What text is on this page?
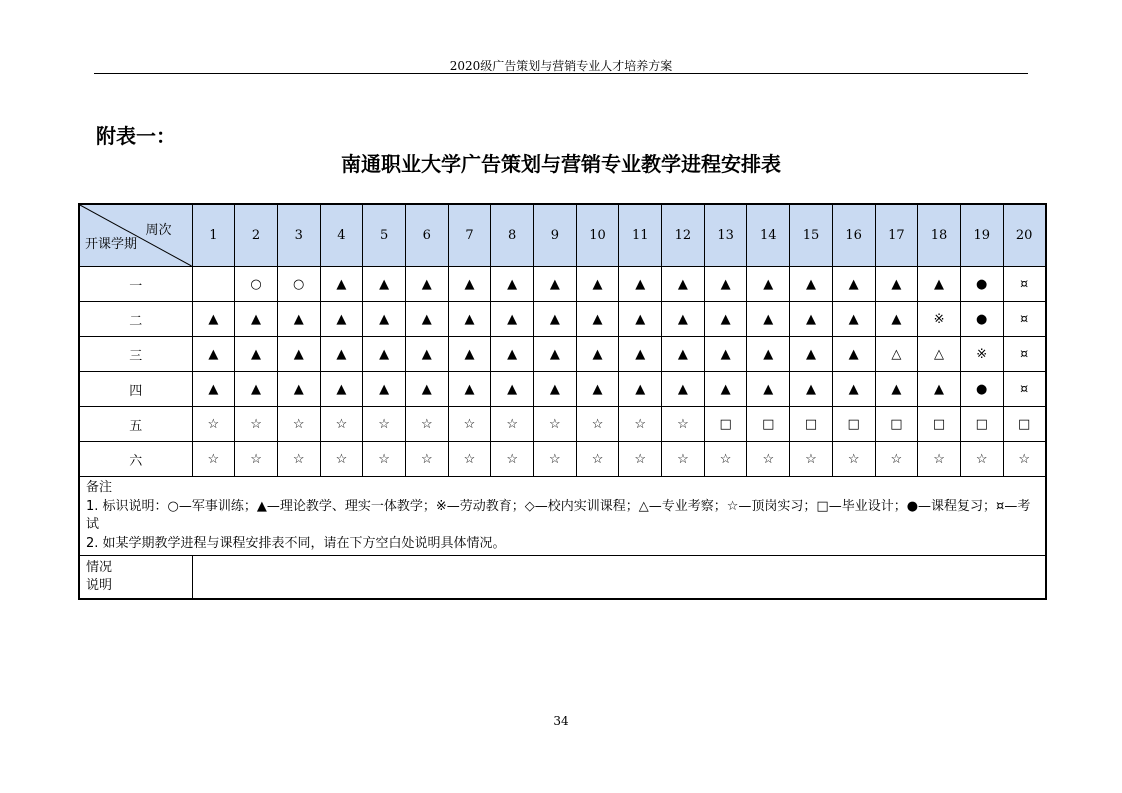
2020级广告策划与营销专业人才培养方案
附表一：
南通职业大学广告策划与营销专业教学进程安排表
周次
开课学期	1	2	3	4	5	6	7	8	9	10	11	12	13	14	15	16	17	18	19	20
一		○	○	▲	▲	▲	▲	▲	▲	▲	▲	▲	▲	▲	▲	▲	▲	▲	●	¤
二	▲	▲	▲	▲	▲	▲	▲	▲	▲	▲	▲	▲	▲	▲	▲	▲	▲	※	●	¤
三	▲	▲	▲	▲	▲	▲	▲	▲	▲	▲	▲	▲	▲	▲	▲	▲	△	△	※	¤
四	▲	▲	▲	▲	▲	▲	▲	▲	▲	▲	▲	▲	▲	▲	▲	▲	▲	▲	●	¤
五	☆	☆	☆	☆	☆	☆	☆	☆	☆	☆	☆	☆	□	□	□	□	□	□	□	□
六	☆	☆	☆	☆	☆	☆	☆	☆	☆	☆	☆	☆	☆	☆	☆	☆	☆	☆	☆	☆

备注
1. 标识说明：○—军事训练；▲—理论教学、理实一体教学；※—劳动教育；◇—校内实训课程；△—专业考察；☆—顶岗实习；□—毕业设计；●—课程复习；¤—考试
2. 如某学期教学进程与课程安排表不同，请在下方空白处说明具体情况。																				

情况
说明																				

34
